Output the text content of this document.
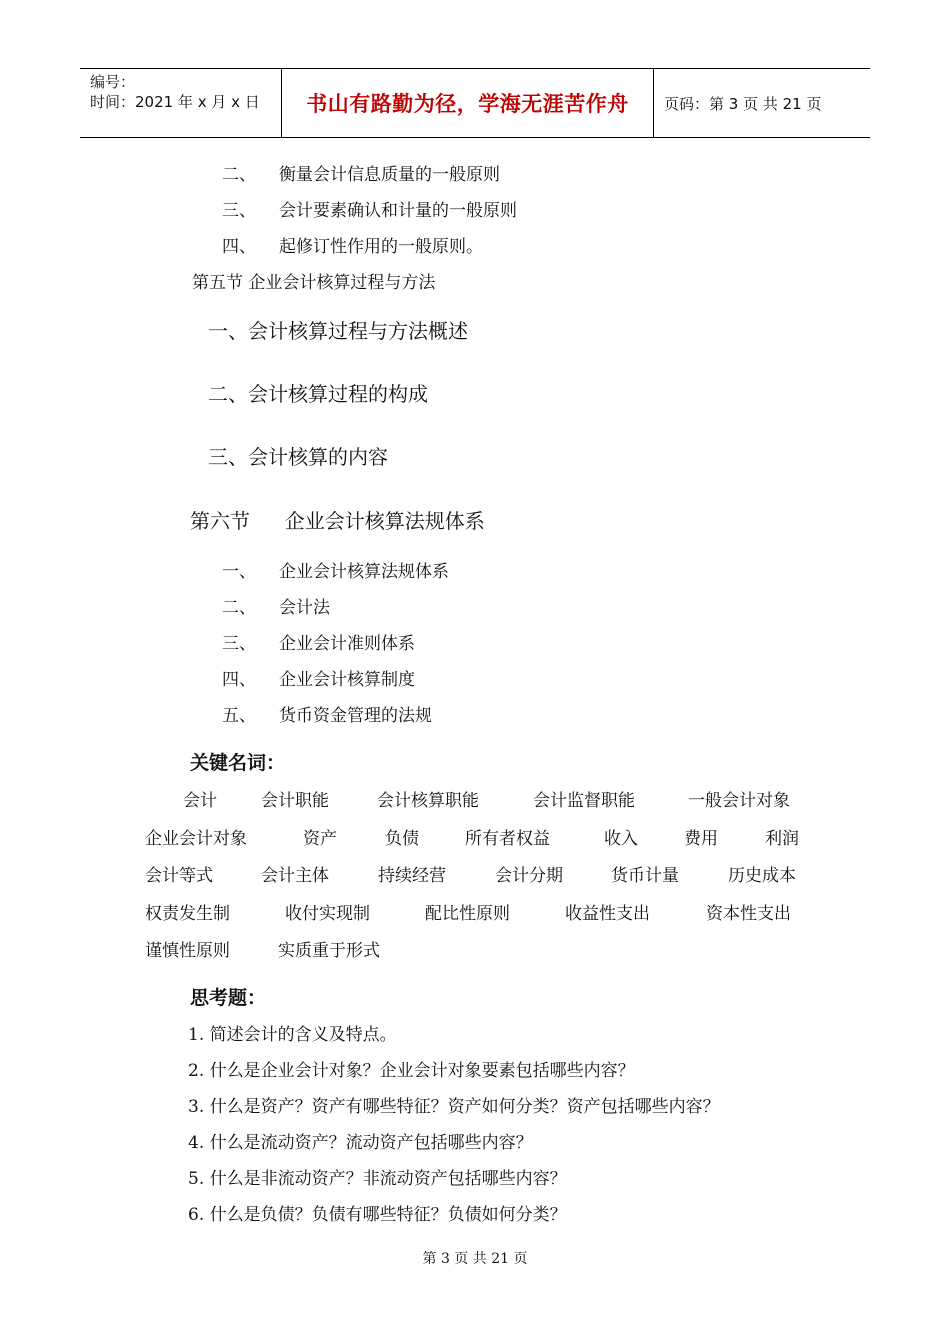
编号：
时间：2021 年 x 月 x 日	书山有路勤为径，学海无涯苦作舟 页码：第 3 页 共 21 页
二、 衡量会计信息质量的一般原则
三、 会计要素确认和计量的一般原则
四、 起修订性作用的一般原则。
第五节 企业会计核算过程与方法
一、会计核算过程与方法概述
二、会计核算过程的构成
三、会计核算的内容
第六节 企业会计核算法规体系
一、 企业会计核算法规体系
二、 会计法
三、 企业会计准则体系
四、 企业会计核算制度
五、 货币资金管理的法规
关键名词：
会计	会计职能	会计核算职能	会计监督职能	一般会计对象
企业会计对象	资产	负债	所有者权益	收入	费用	利润
会计等式	会计主体	持续经营	会计分期	货币计量	历史成本
权责发生制	收付实现制	配比性原则	收益性支出	资本性支出
谨慎性原则	实质重于形式
思考题：
1. 简述会计的含义及特点。
2. 什么是企业会计对象？企业会计对象要素包括哪些内容？
3. 什么是资产？资产有哪些特征？资产如何分类？资产包括哪些内容？
4. 什么是流动资产？流动资产包括哪些内容？
5. 什么是非流动资产？非流动资产包括哪些内容？
6. 什么是负债？负债有哪些特征？负债如何分类？
第 3 页 共 21 页
